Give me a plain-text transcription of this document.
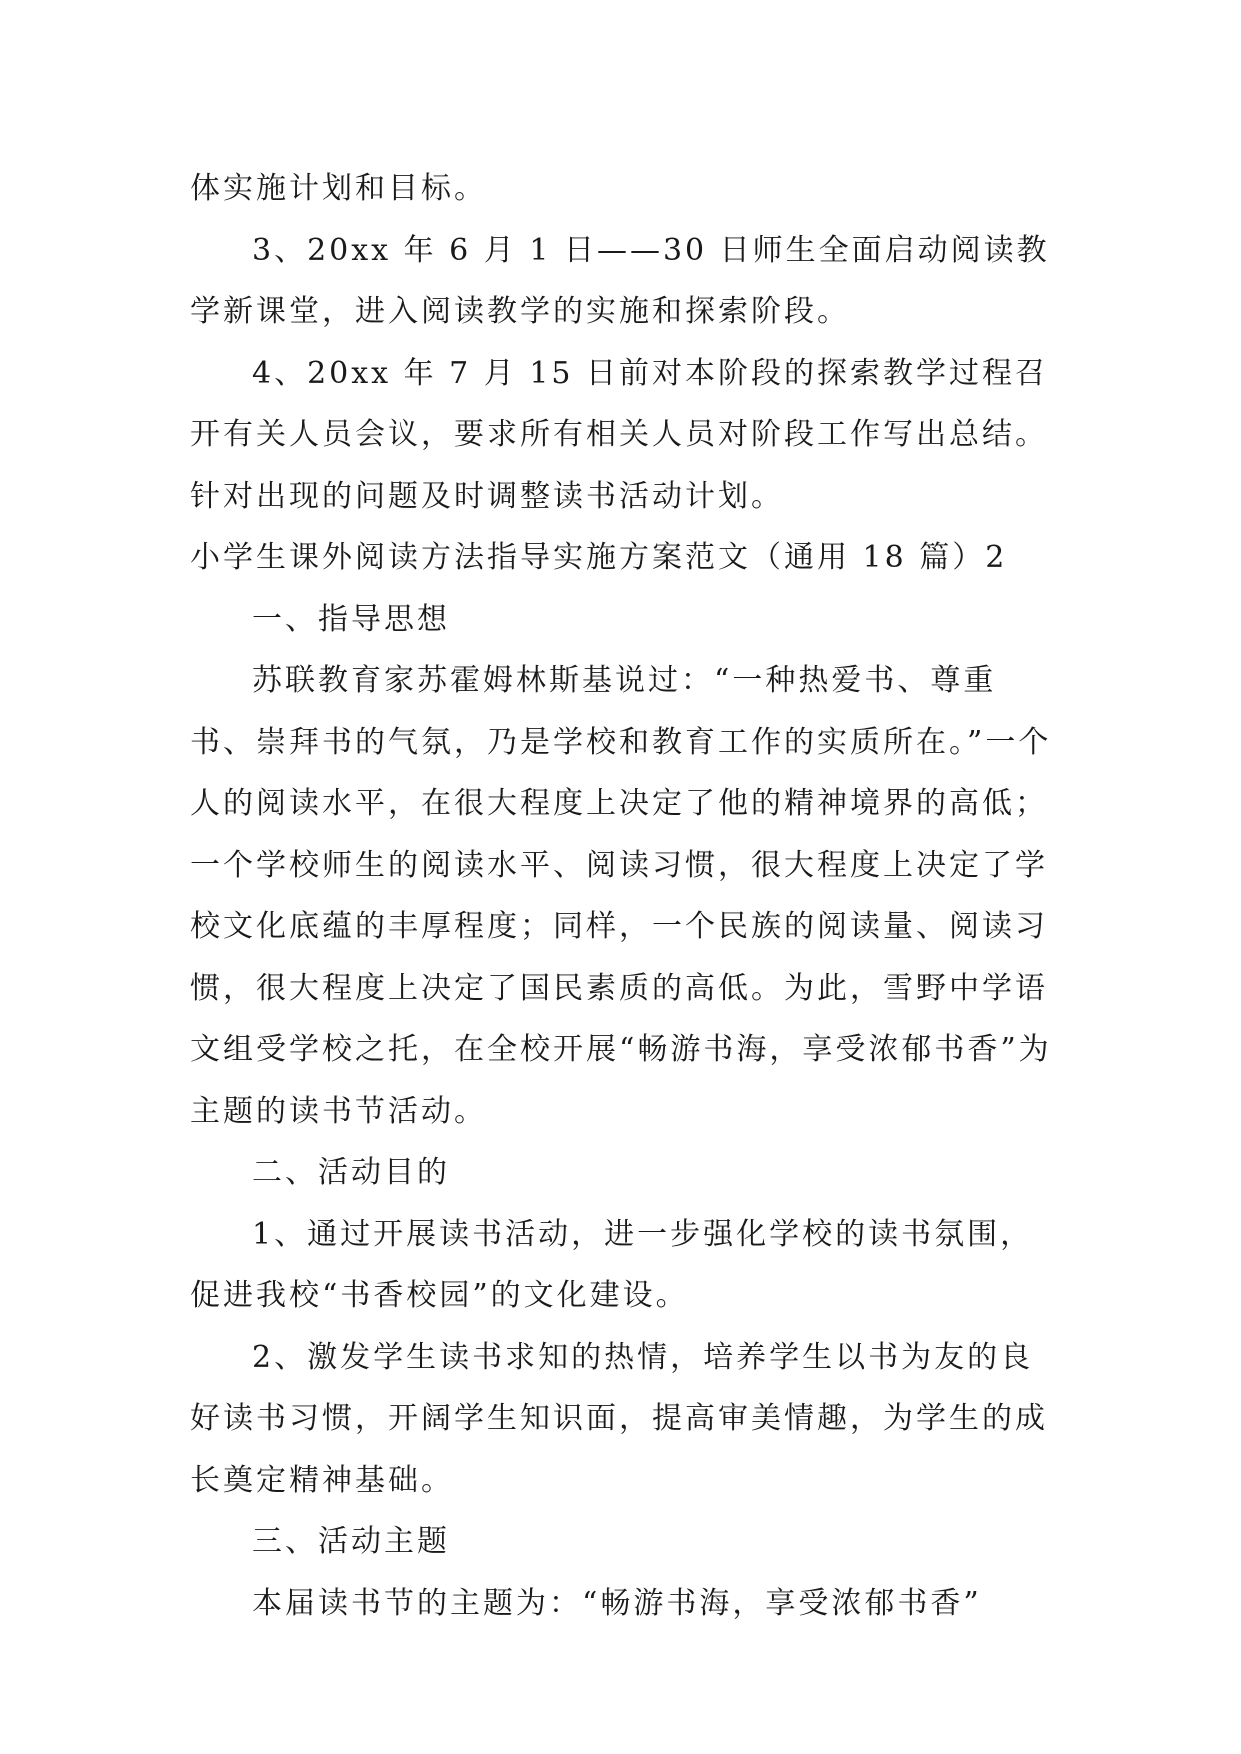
体实施计划和目标。

3、20xx 年 6 月 1 日——30 日师生全面启动阅读教学新课堂，进入阅读教学的实施和探索阶段。

4、20xx 年 7 月 15 日前对本阶段的探索教学过程召开有关人员会议，要求所有相关人员对阶段工作写出总结。针对出现的问题及时调整读书活动计划。

小学生课外阅读方法指导实施方案范文（通用 18 篇）2

一、指导思想

苏联教育家苏霍姆林斯基说过：“一种热爱书、尊重书、崇拜书的气氛，乃是学校和教育工作的实质所在。”一个人的阅读水平，在很大程度上决定了他的精神境界的高低；一个学校师生的阅读水平、阅读习惯，很大程度上决定了学校文化底蕴的丰厚程度；同样，一个民族的阅读量、阅读习惯，很大程度上决定了国民素质的高低。为此，雪野中学语文组受学校之托，在全校开展“畅游书海，享受浓郁书香”为主题的读书节活动。

二、活动目的

1、通过开展读书活动，进一步强化学校的读书氛围，促进我校“书香校园”的文化建设。

2、激发学生读书求知的热情，培养学生以书为友的良好读书习惯，开阔学生知识面，提高审美情趣，为学生的成长奠定精神基础。

三、活动主题

本届读书节的主题为：“畅游书海，享受浓郁书香”
